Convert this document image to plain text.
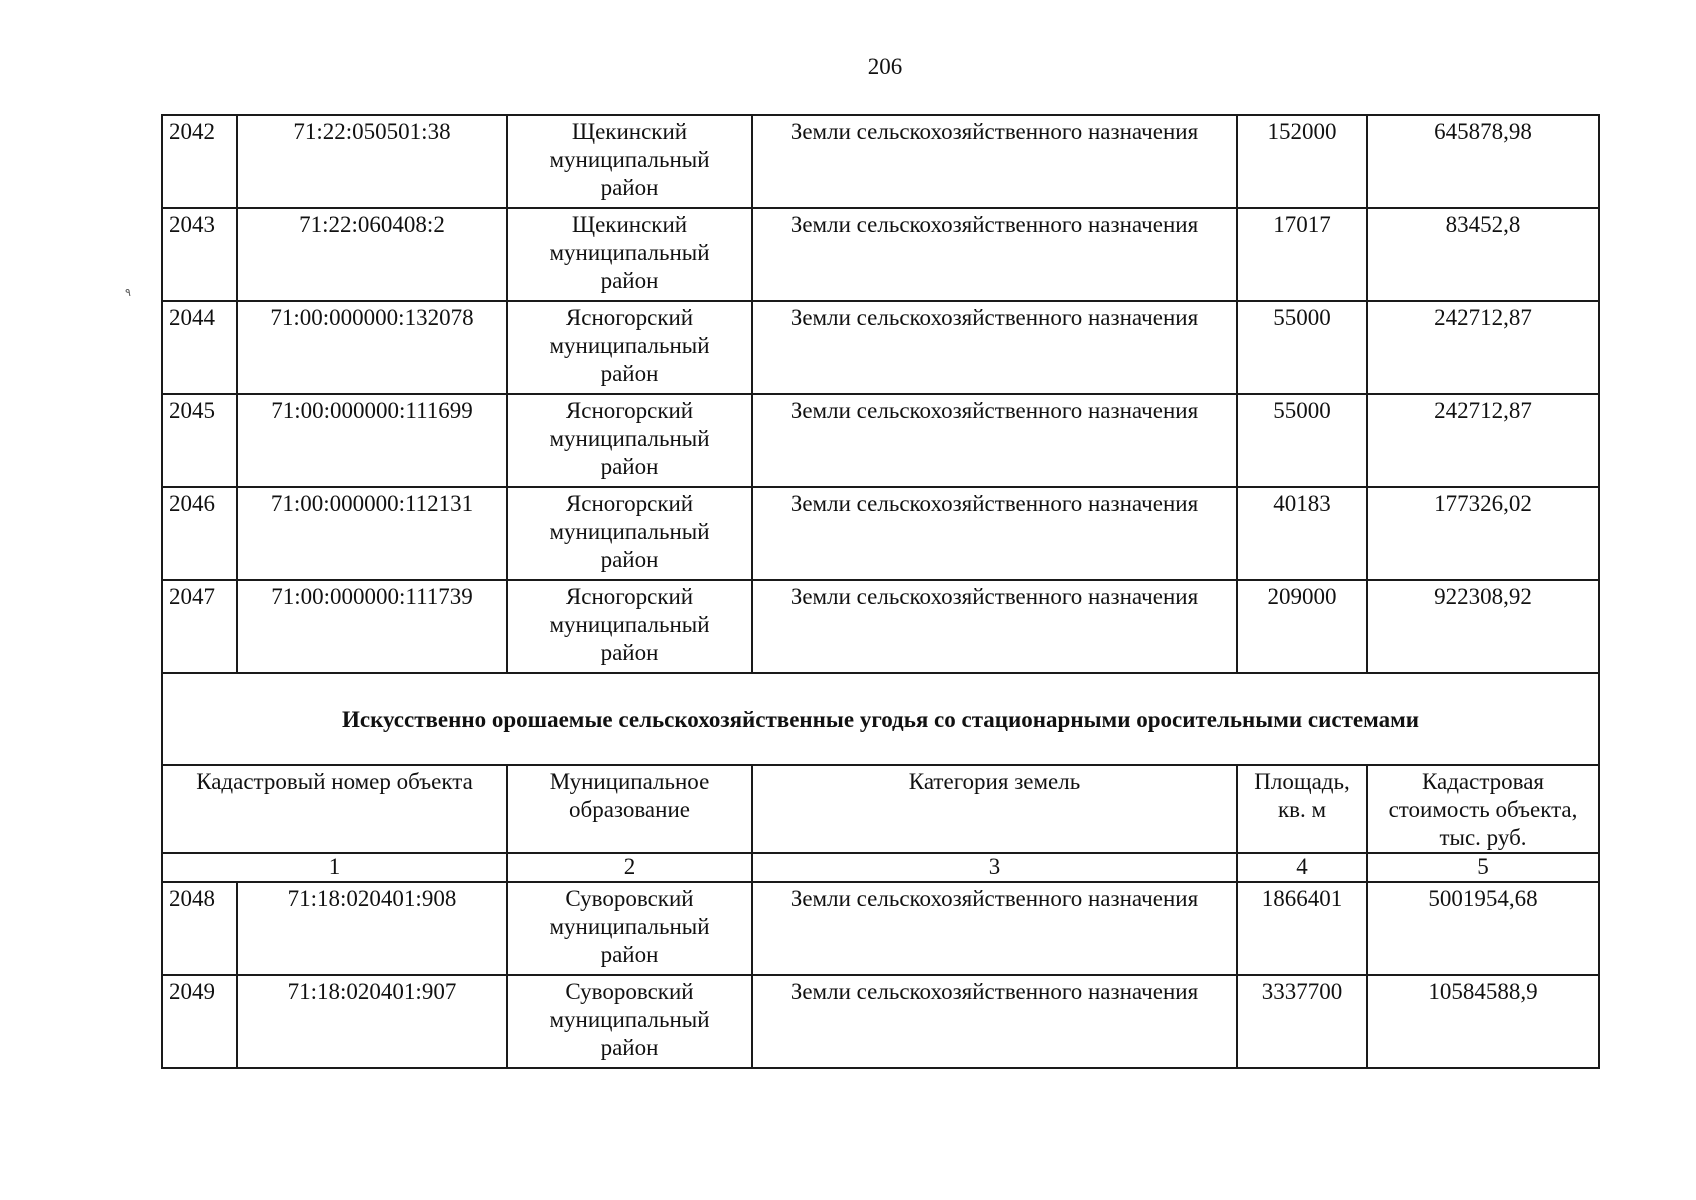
206
٩
2042	71:22:050501:38	Щекинский
муниципальный
район	Земли сельскохозяйственного назначения	152000	645878,98
2043	71:22:060408:2	Щекинский
муниципальный
район	Земли сельскохозяйственного назначения	17017	83452,8
2044	71:00:000000:132078	Ясногорский
муниципальный
район	Земли сельскохозяйственного назначения	55000	242712,87
2045	71:00:000000:111699	Ясногорский
муниципальный
район	Земли сельскохозяйственного назначения	55000	242712,87
2046	71:00:000000:112131	Ясногорский
муниципальный
район	Земли сельскохозяйственного назначения	40183	177326,02
2047	71:00:000000:111739	Ясногорский
муниципальный
район	Земли сельскохозяйственного назначения	209000	922308,92
Искусственно орошаемые сельскохозяйственные угодья со стационарными оросительными системами					
Кадастровый номер объекта		Муниципальное образование	Категория земель	Площадь, кв. м	Кадастровая стоимость объекта, тыс. руб.
1		2	3	4	5
2048	71:18:020401:908	Суворовский
муниципальный
район	Земли сельскохозяйственного назначения	1866401	5001954,68
2049	71:18:020401:907	Суворовский
муниципальный
район	Земли сельскохозяйственного назначения	3337700	10584588,9
